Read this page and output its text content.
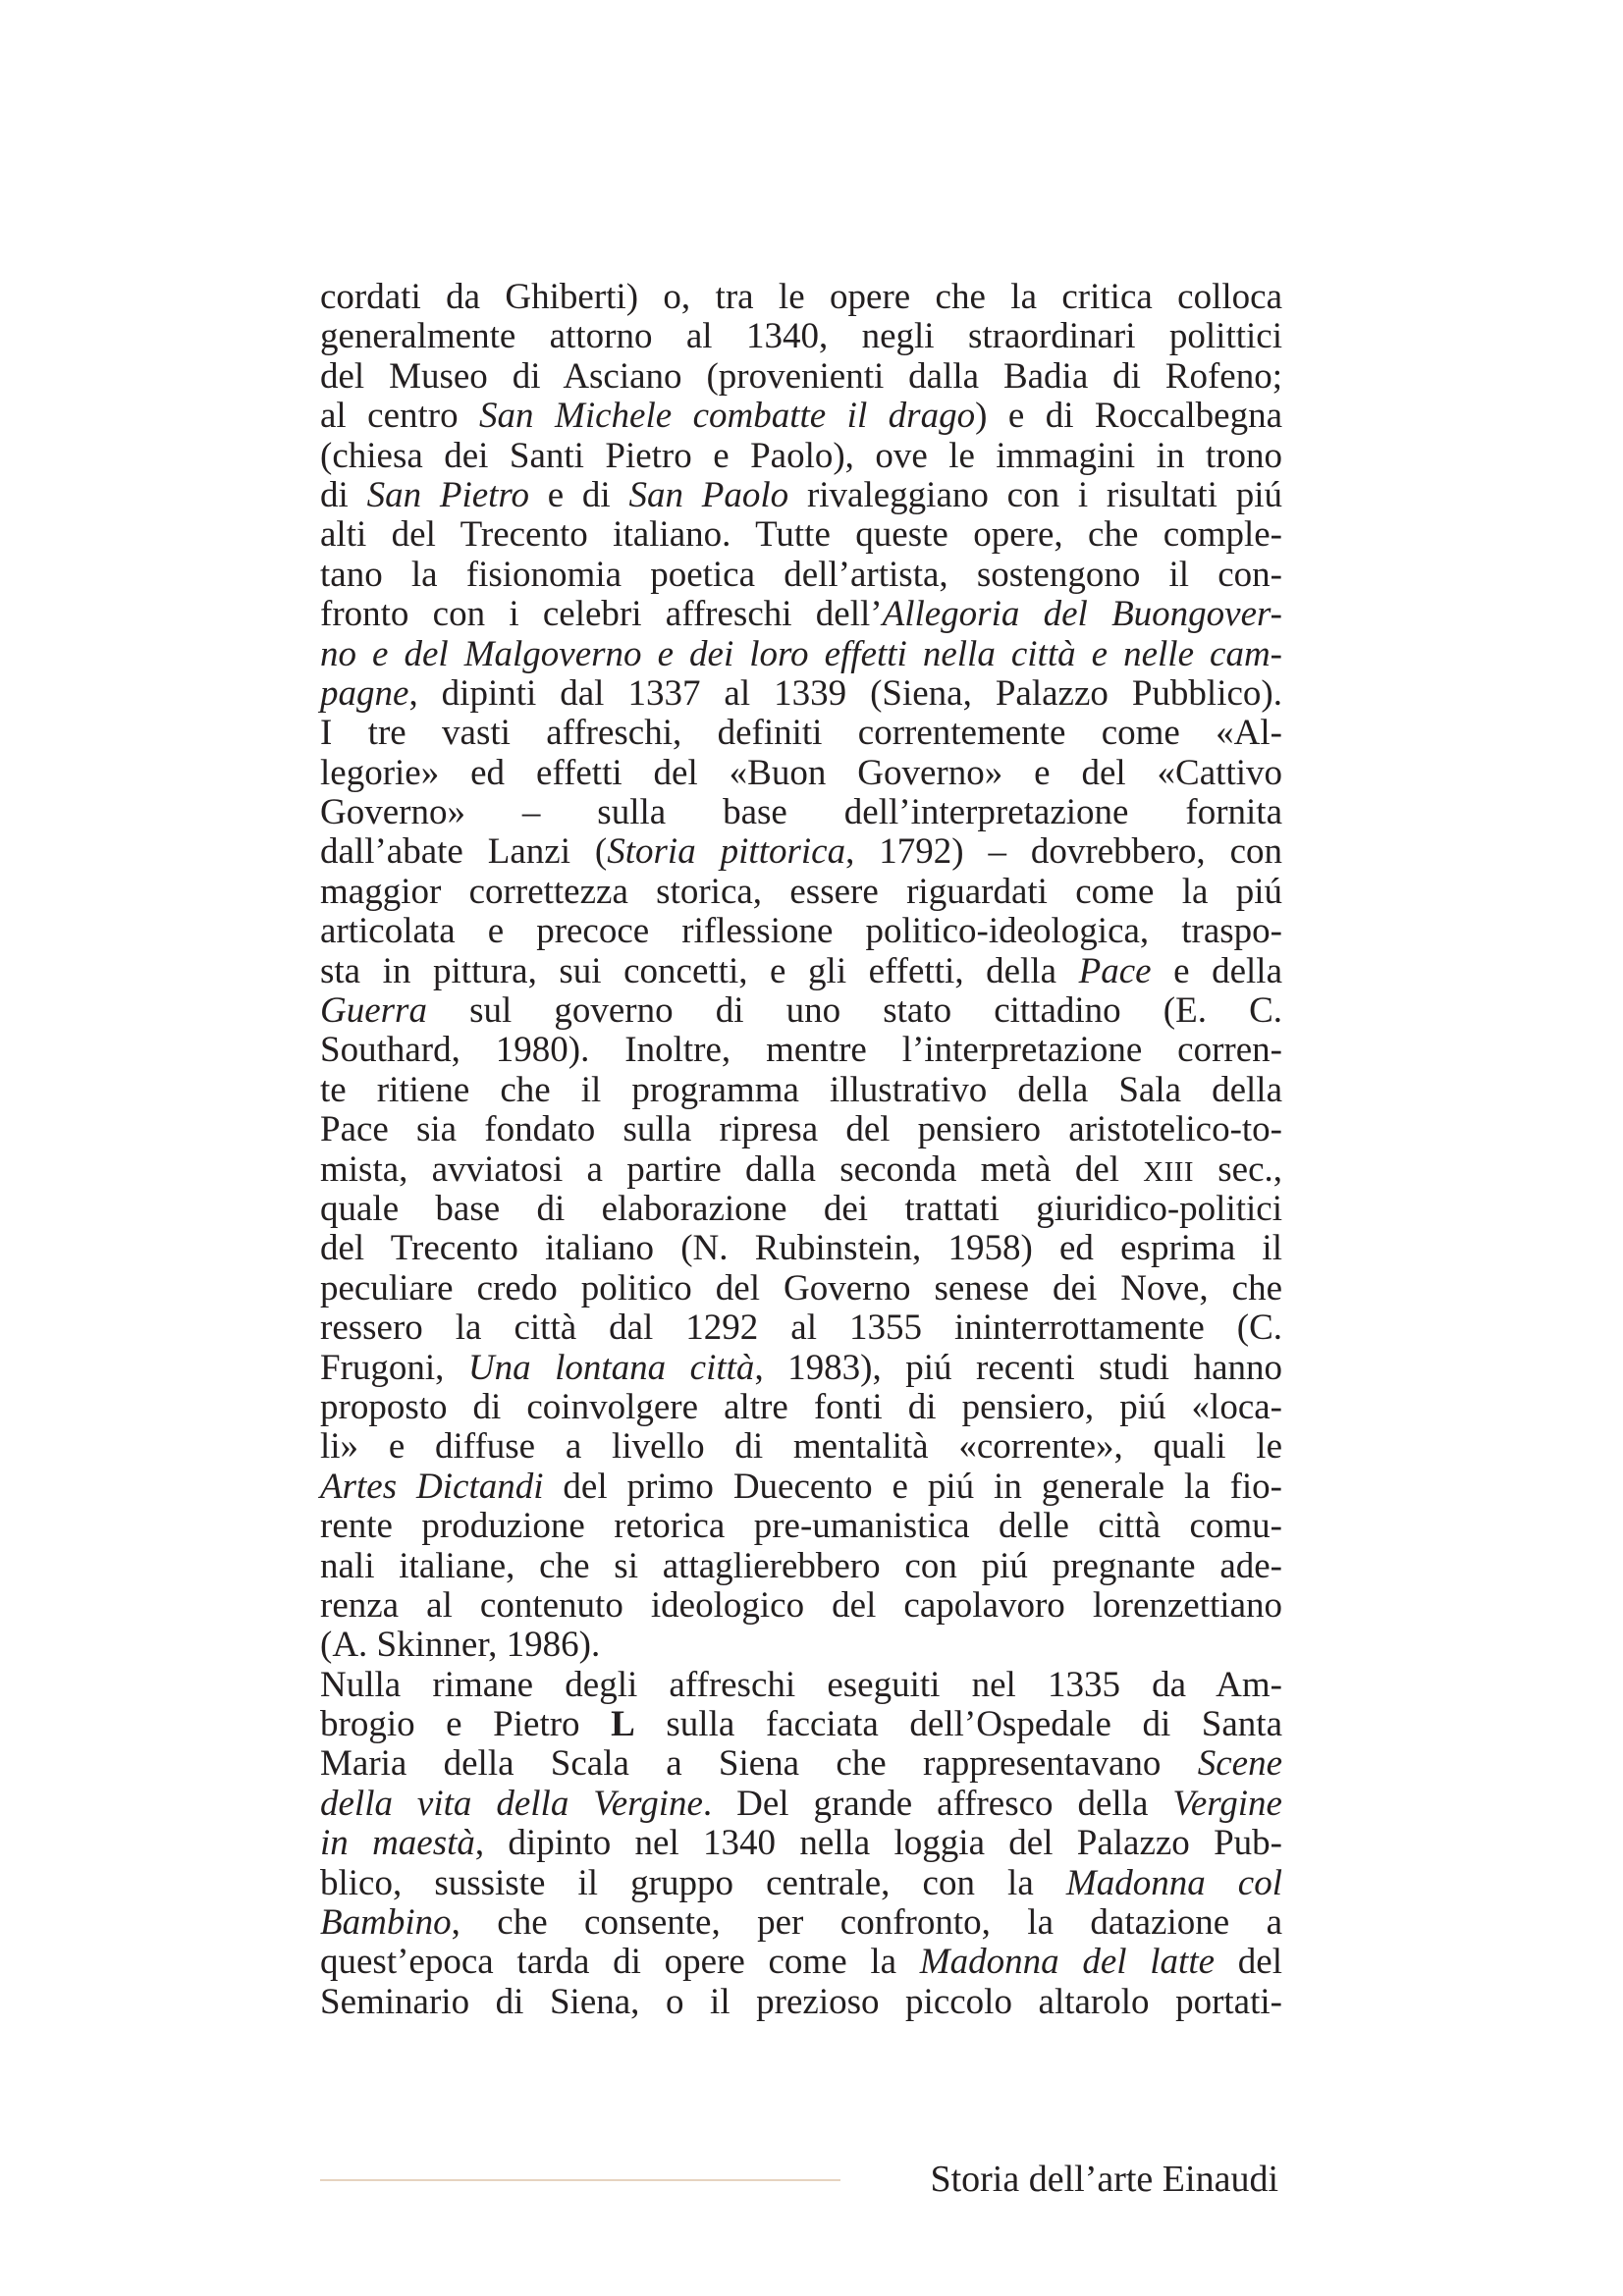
cordati da Ghiberti) o, tra le opere che la critica colloca
generalmente attorno al 1340, negli straordinari polittici
del Museo di Asciano (provenienti dalla Badia di Rofeno;
al centro San Michele combatte il drago) e di Roccalbegna
(chiesa dei Santi Pietro e Paolo), ove le immagini in trono
di San Pietro e di San Paolo rivaleggiano con i risultati piú
alti del Trecento italiano. Tutte queste opere, che comple-
tano la fisionomia poetica dell’artista, sostengono il con-
fronto con i celebri affreschi dell’Allegoria del Buongover-
no e del Malgoverno e dei loro effetti nella città e nelle cam-
pagne, dipinti dal 1337 al 1339 (Siena, Palazzo Pubblico).
I tre vasti affreschi, definiti correntemente come «Al-
legorie» ed effetti del «Buon Governo» e del «Cattivo
Governo» – sulla base dell’interpretazione fornita
dall’abate Lanzi (Storia pittorica, 1792) – dovrebbero, con
maggior correttezza storica, essere riguardati come la piú
articolata e precoce riflessione politico-ideologica, traspo-
sta in pittura, sui concetti, e gli effetti, della Pace e della
Guerra sul governo di uno stato cittadino (E. C.
Southard, 1980). Inoltre, mentre l’interpretazione corren-
te ritiene che il programma illustrativo della Sala della
Pace sia fondato sulla ripresa del pensiero aristotelico-to-
mista, avviatosi a partire dalla seconda metà del XIII sec.,
quale base di elaborazione dei trattati giuridico-politici
del Trecento italiano (N. Rubinstein, 1958) ed esprima il
peculiare credo politico del Governo senese dei Nove, che
ressero la città dal 1292 al 1355 ininterrottamente (C.
Frugoni, Una lontana città, 1983), piú recenti studi hanno
proposto di coinvolgere altre fonti di pensiero, piú «loca-
li» e diffuse a livello di mentalità «corrente», quali le
Artes Dictandi del primo Duecento e piú in generale la fio-
rente produzione retorica pre-umanistica delle città comu-
nali italiane, che si attaglierebbero con piú pregnante ade-
renza al contenuto ideologico del capolavoro lorenzettiano
(A. Skinner, 1986).
Nulla rimane degli affreschi eseguiti nel 1335 da Am-
brogio e Pietro L sulla facciata dell’Ospedale di Santa
Maria della Scala a Siena che rappresentavano Scene
della vita della Vergine. Del grande affresco della Vergine
in maestà, dipinto nel 1340 nella loggia del Palazzo Pub-
blico, sussiste il gruppo centrale, con la Madonna col
Bambino, che consente, per confronto, la datazione a
quest’epoca tarda di opere come la Madonna del latte del
Seminario di Siena, o il prezioso piccolo altarolo portati-
Storia dell’arte Einaudi
